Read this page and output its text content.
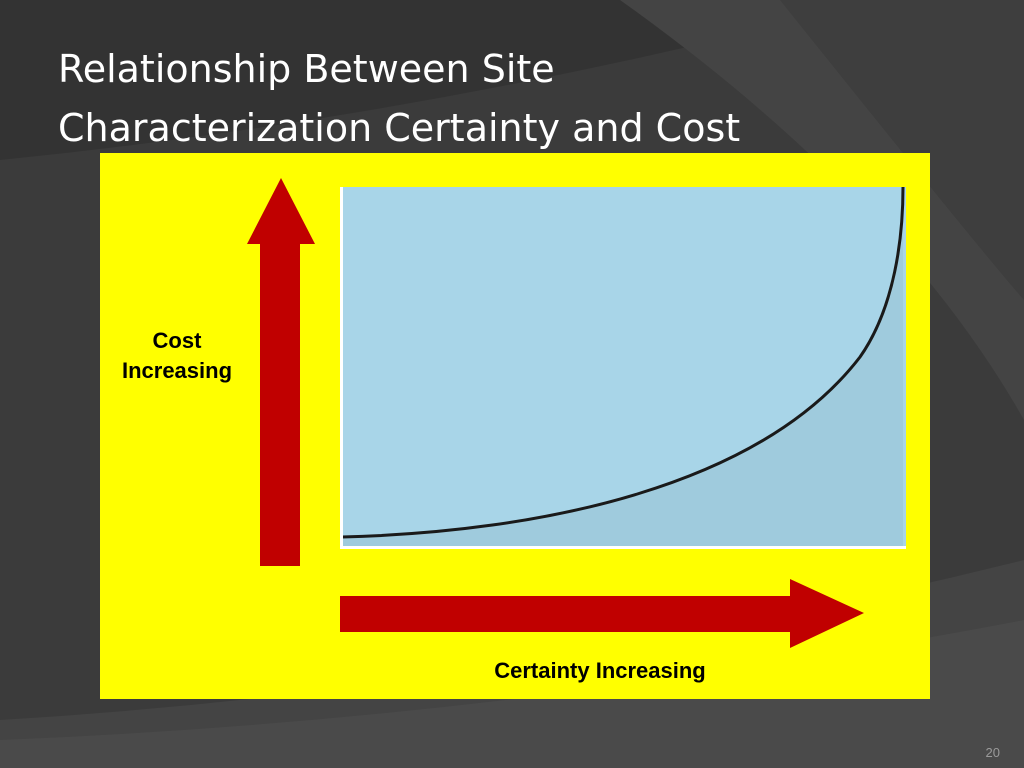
Relationship Between Site
Characterization Certainty and Cost
Cost
Increasing
Certainty Increasing
20
